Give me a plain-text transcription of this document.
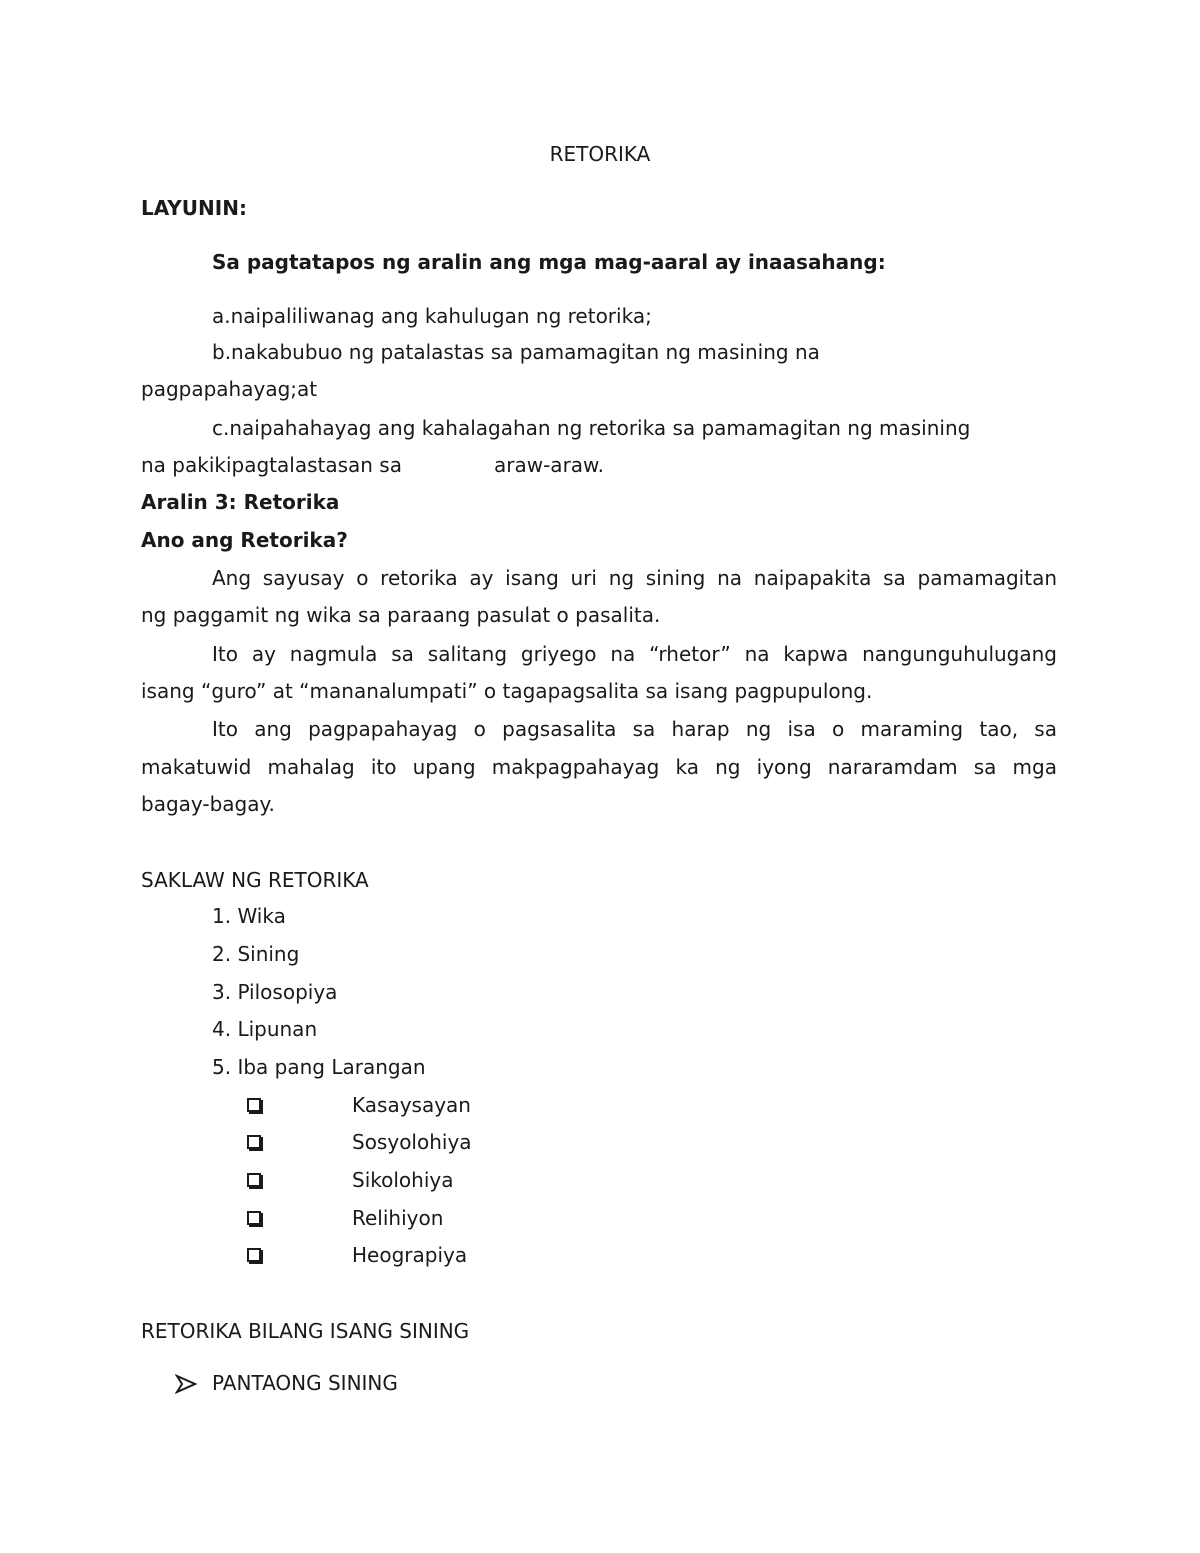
RETORIKA
LAYUNIN:
Sa pagtatapos ng aralin ang mga mag-aaral ay inaasahang:
a.naipaliliwanag ang kahulugan ng retorika;
b.nakabubuo ng patalastas sa pamamagitan ng masining na
pagpapahayag;at
c.naipahahayag ang kahalagahan ng retorika sa pamamagitan ng masining
na pakikipagtalastasan sa	araw-araw.
Aralin 3: Retorika
Ano ang Retorika?
Ang sayusay o retorika ay isang uri ng sining na naipapakita sa pamamagitan
ng paggamit ng wika sa paraang pasulat o pasalita.
Ito ay nagmula sa salitang griyego na “rhetor” na kapwa nangunguhulugang
isang “guro” at “mananalumpati” o tagapagsalita sa isang pagpupulong.
Ito ang pagpapahayag o pagsasalita sa harap ng isa o maraming tao, sa
makatuwid mahalag ito upang makpagpahayag ka ng iyong nararamdam sa mga
bagay-bagay.
SAKLAW NG RETORIKA
1. Wika
2. Sining
3. Pilosopiya
4. Lipunan
5. Iba pang Larangan
Kasaysayan
Sosyolohiya
Sikolohiya
Relihiyon
Heograpiya
RETORIKA BILANG ISANG SINING
PANTAONG SINING
